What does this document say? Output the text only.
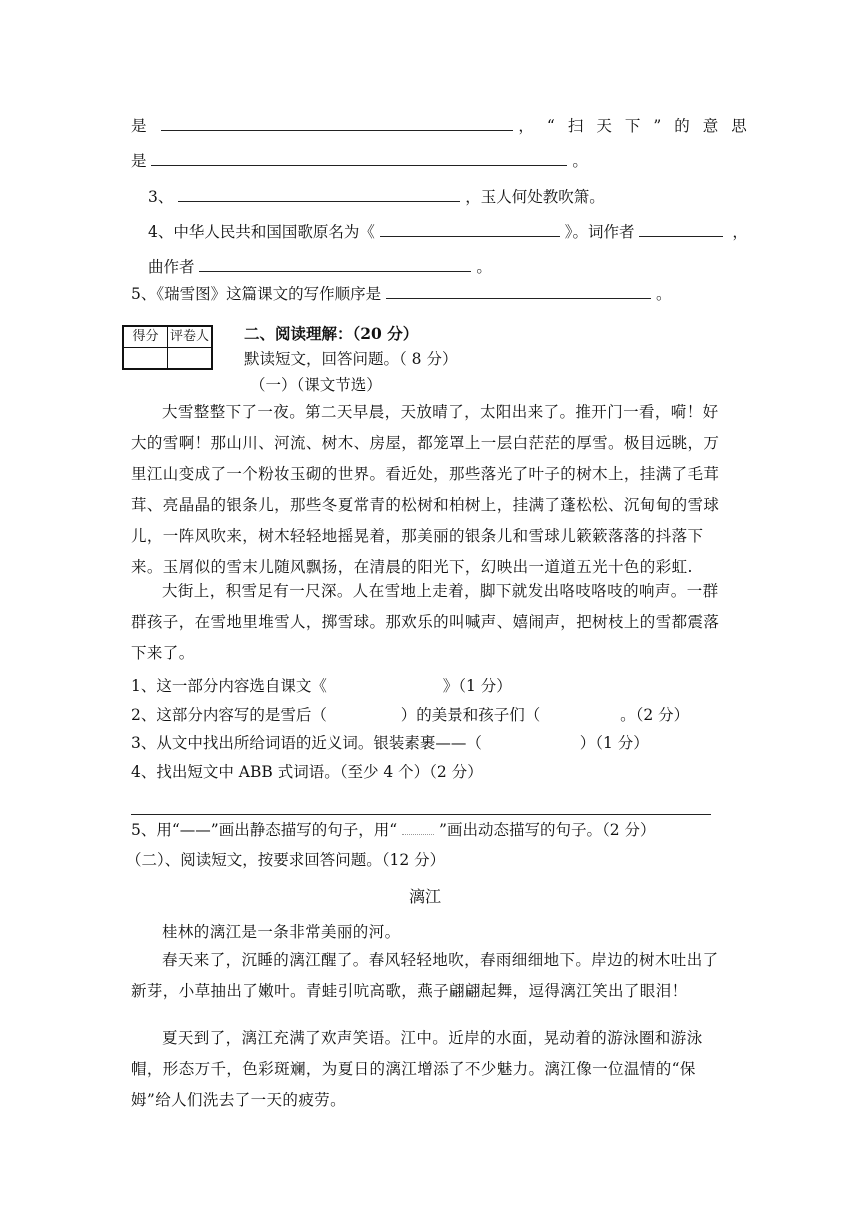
是	，“扫天下”的意思
是	。
3、	，玉人何处教吹箫。
4、中华人民共和国国歌原名为《	》。词作者	，
曲作者	。
5、《瑞雪图》这篇课文的写作顺序是	。
得分	评卷人
	二、阅读理解：（20 分）
默读短文，回答问题。（ 8 分）
（一）（课文节选）
大雪整整下了一夜。第二天早晨，天放晴了，太阳出来了。推开门一看，嗬！好大的雪啊！那山川、河流、树木、房屋，都笼罩上一层白茫茫的厚雪。极目远眺，万里江山变成了一个粉妆玉砌的世界。看近处，那些落光了叶子的树木上，挂满了毛茸茸、亮晶晶的银条儿，那些冬夏常青的松树和柏树上，挂满了蓬松松、沉甸甸的雪球儿，一阵风吹来，树木轻轻地摇晃着，那美丽的银条儿和雪球儿簌簌落落的抖落下来。玉屑似的雪末儿随风飘扬，在清晨的阳光下，幻映出一道道五光十色的彩虹.
大街上，积雪足有一尺深。人在雪地上走着，脚下就发出咯吱咯吱的响声。一群群孩子，在雪地里堆雪人，掷雪球。那欢乐的叫喊声、嬉闹声，把树枝上的雪都震落下来了。
1、这一部分内容选自课文《	》（1 分）
2、这部分内容写的是雪后（	）的美景和孩子们（	。（2 分）
3、从文中找出所给词语的近义词。银装素裹——（	）（1 分）
4、找出短文中 ABB 式词语。（至少 4 个）（2 分）
5、用“——”画出静态描写的句子，用“	”画出动态描写的句子。（2 分）
（二）、阅读短文，按要求回答问题。（12 分）
漓江
桂林的漓江是一条非常美丽的河。
春天来了，沉睡的漓江醒了。春风轻轻地吹，春雨细细地下。岸边的树木吐出了新芽，小草抽出了嫩叶。青蛙引吭高歌，燕子翩翩起舞，逗得漓江笑出了眼泪！
夏天到了，漓江充满了欢声笑语。江中。近岸的水面，晃动着的游泳圈和游泳帽，形态万千，色彩斑斓，为夏日的漓江增添了不少魅力。漓江像一位温情的“保姆”给人们洗去了一天的疲劳。
